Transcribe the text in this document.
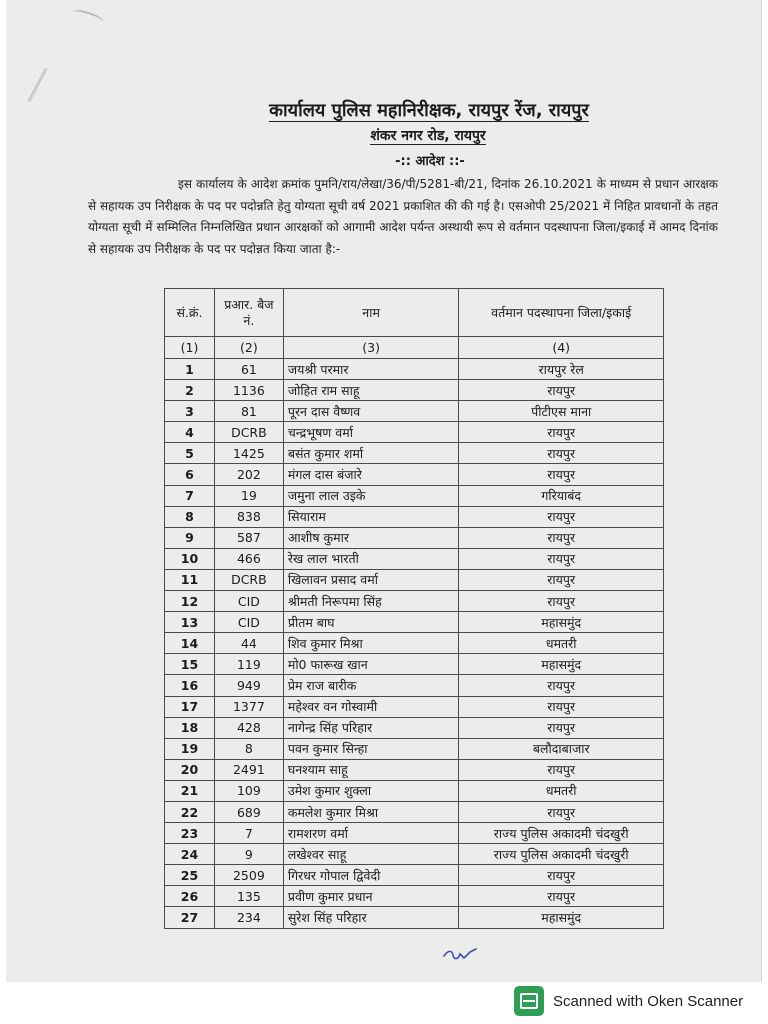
कार्यालय पुलिस महानिरीक्षक, रायपुर रेंज, रायपुर
शंकर नगर रोड, रायपुर
-:: आदेश ::-

इस कार्यालय के आदेश क्रमांक पुमनि/राय/लेखा/36/पी/5281-बी/21, दिनांक 26.10.2021 के माध्यम से प्रधान आरक्षक से सहायक उप निरीक्षक के पद पर पदोन्नति हेतु योग्यता सूची वर्ष 2021 प्रकाशित की की गई है। एसओपी 25/2021 में निहित प्रावधानों के तहत योग्यता सूची में सम्मिलित निम्नलिखित प्रधान आरक्षकों को आगामी आदेश पर्यन्त अस्थायी रूप से वर्तमान पदस्थापना जिला/इकाई में आमद दिनांक से सहायक उप निरीक्षक के पद पर पदोन्नत किया जाता है:-

सं.क्रं.	प्रआर. बैज नं.	नाम	वर्तमान पदस्थापना जिला/इकाई
(1)	(2)	(3)	(4)
1	61	जयश्री परमार	रायपुर रेल
2	1136	जोहित राम साहू	रायपुर
3	81	पूरन दास वैष्णव	पीटीएस माना
4	DCRB	चन्द्रभूषण वर्मा	रायपुर
5	1425	बसंत कुमार शर्मा	रायपुर
6	202	मंगल दास बंजारे	रायपुर
7	19	जमुना लाल उइके	गरियाबंद
8	838	सियाराम	रायपुर
9	587	आशीष कुमार	रायपुर
10	466	रेख लाल भारती	रायपुर
11	DCRB	खिलावन प्रसाद वर्मा	रायपुर
12	CID	श्रीमती निरूपमा सिंह	रायपुर
13	CID	प्रीतम बाघ	महासमुंद
14	44	शिव कुमार मिश्रा	धमतरी
15	119	मो0 फारूख खान	महासमुंद
16	949	प्रेम राज बारीक	रायपुर
17	1377	महेश्वर वन गोस्वामी	रायपुर
18	428	नागेन्द्र सिंह परिहार	रायपुर
19	8	पवन कुमार सिन्हा	बलौदाबाजार
20	2491	घनश्याम साहू	रायपुर
21	109	उमेश कुमार शुक्ला	धमतरी
22	689	कमलेश कुमार मिश्रा	रायपुर
23	7	रामशरण वर्मा	राज्य पुलिस अकादमी चंदखुरी
24	9	लखेश्वर साहू	राज्य पुलिस अकादमी चंदखुरी
25	2509	गिरधर गोपाल द्विवेदी	रायपुर
26	135	प्रवीण कुमार प्रधान	रायपुर
27	234	सुरेश सिंह परिहार	महासमुंद
Scanned with Oken Scanner
